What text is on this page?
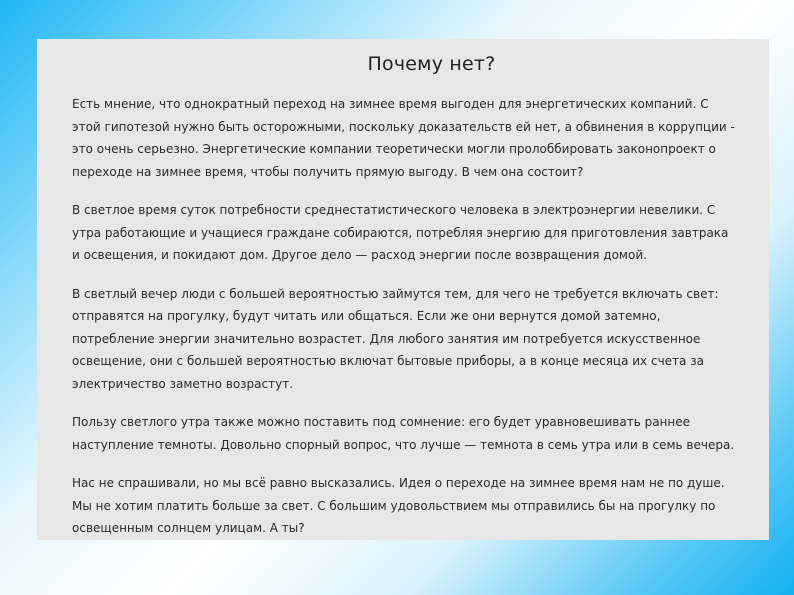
Почему нет?

Есть мнение, что однократный переход на зимнее время выгоден для энергетических компаний. С этой гипотезой нужно быть осторожными, поскольку доказательств ей нет, а обвинения в коррупции - это очень серьезно. Энергетические компании теоретически могли пролоббировать законопроект о переходе на зимнее время, чтобы получить прямую выгоду. В чем она состоит?

В светлое время суток потребности среднестатистического человека в электроэнергии невелики. С утра работающие и учащиеся граждане собираются, потребляя энергию для приготовления завтрака и освещения, и покидают дом. Другое дело — расход энергии после возвращения домой.

В светлый вечер люди с большей вероятностью займутся тем, для чего не требуется включать свет: отправятся на прогулку, будут читать или общаться. Если же они вернутся домой затемно, потребление энергии значительно возрастет. Для любого занятия им потребуется искусственное освещение, они с большей вероятностью включат бытовые приборы, а в конце месяца их счета за электричество заметно возрастут.

Пользу светлого утра также можно поставить под сомнение: его будет уравновешивать раннее наступление темноты. Довольно спорный вопрос, что лучше — темнота в семь утра или в семь вечера.

Нас не спрашивали, но мы всё равно высказались. Идея о переходе на зимнее время нам не по душе. Мы не хотим платить больше за свет. С большим удовольствием мы отправились бы на прогулку по освещенным солнцем улицам. А ты?
